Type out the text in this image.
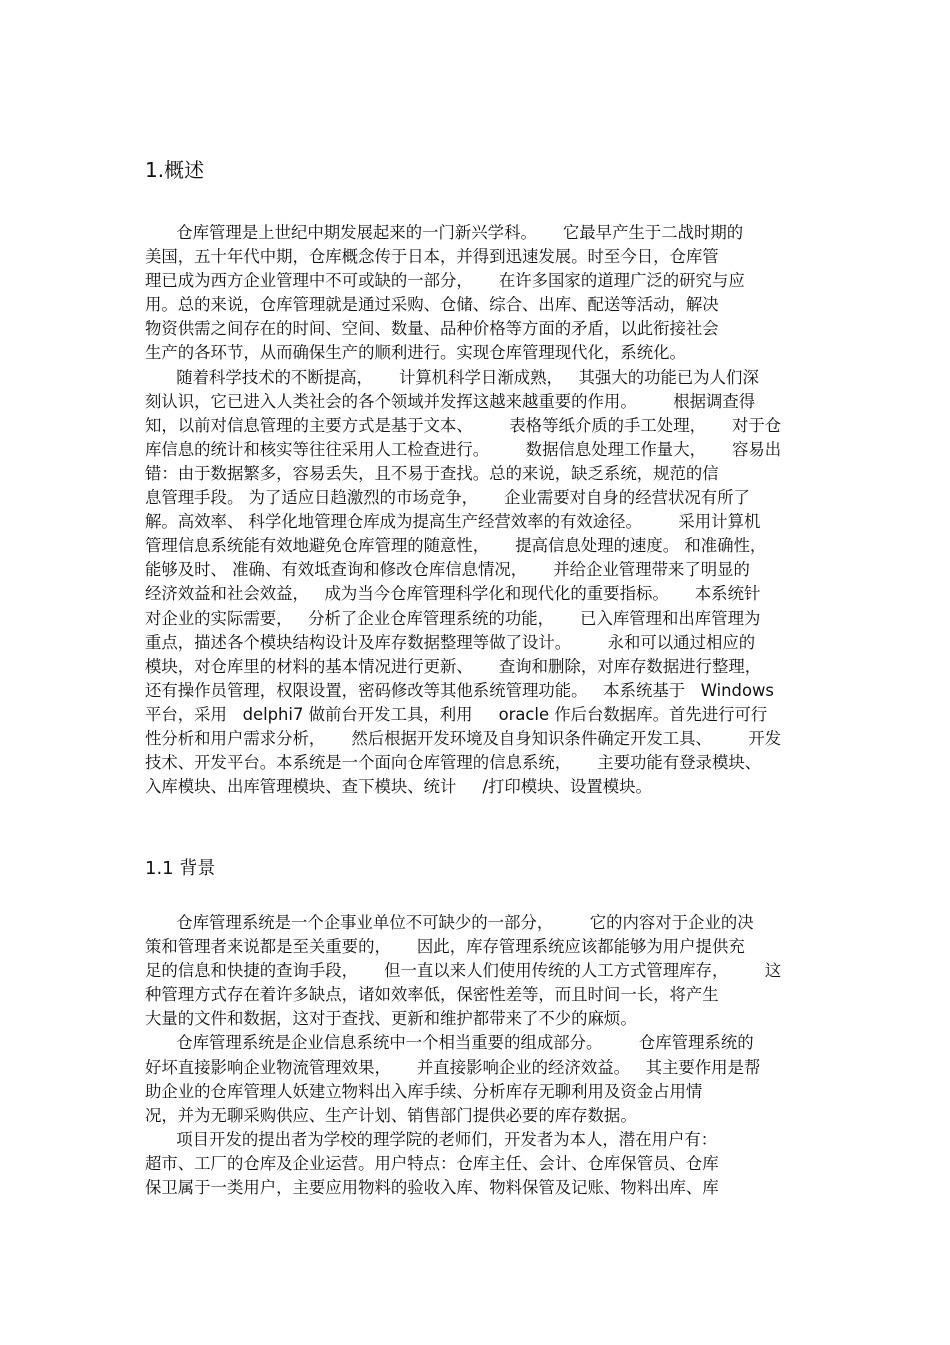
1.概述
仓库管理是上世纪中期发展起来的一门新兴学科。     它最早产生于二战时期的
美国，五十年代中期，仓库概念传于日本，并得到迅速发展。时至今日，仓库管
理已成为西方企业管理中不可或缺的一部分，     在许多国家的道理广泛的研究与应
用。总的来说，仓库管理就是通过采购、仓储、综合、出库、配送等活动，解决
物资供需之间存在的时间、空间、数量、品种价格等方面的矛盾，以此衔接社会
生产的各环节，从而确保生产的顺利进行。实现仓库管理现代化，系统化。
随着科学技术的不断提高，     计算机科学日渐成熟，   其强大的功能已为人们深
刻认识，它已进入人类社会的各个领域并发挥这越来越重要的作用。       根据调查得
知，以前对信息管理的主要方式是基于文本、       表格等纸介质的手工处理，     对于仓
库信息的统计和核实等往往采用人工检查进行。       数据信息处理工作量大，     容易出
错：由于数据繁多，容易丢失，且不易于查找。总的来说，缺乏系统，规范的信
息管理手段。 为了适应日趋激烈的市场竞争，     企业需要对自身的经营状况有所了
解。高效率、 科学化地管理仓库成为提高生产经营效率的有效途径。       采用计算机
管理信息系统能有效地避免仓库管理的随意性，     提高信息处理的速度。 和准确性，
能够及时、 准确、有效坻查询和修改仓库信息情况，     并给企业管理带来了明显的
经济效益和社会效益，   成为当今仓库管理科学化和现代化的重要指标。     本系统针
对企业的实际需要，   分析了企业仓库管理系统的功能，     已入库管理和出库管理为
重点，描述各个模块结构设计及库存数据整理等做了设计。       永和可以通过相应的
模块，对仓库里的材料的基本情况进行更新、     查询和删除，对库存数据进行整理，
还有操作员管理，权限设置，密码修改等其他系统管理功能。   本系统基于   Windows
平台，采用   delphi7 做前台开发工具，利用     oracle 作后台数据库。首先进行可行
性分析和用户需求分析，     然后根据开发环境及自身知识条件确定开发工具、       开发
技术、开发平台。本系统是一个面向仓库管理的信息系统，     主要功能有登录模块、
入库模块、出库管理模块、查下模块、统计     /打印模块、设置模块。
1.1 背景
仓库管理系统是一个企事业单位不可缺少的一部分，       它的内容对于企业的决
策和管理者来说都是至关重要的，     因此，库存管理系统应该都能够为用户提供充
足的信息和快捷的查询手段，     但一直以来人们使用传统的人工方式管理库存，       这
种管理方式存在着许多缺点，诸如效率低，保密性差等，而且时间一长，将产生
大量的文件和数据，这对于查找、更新和维护都带来了不少的麻烦。
仓库管理系统是企业信息系统中一个相当重要的组成部分。       仓库管理系统的
好坏直接影响企业物流管理效果，     并直接影响企业的经济效益。   其主要作用是帮
助企业的仓库管理人妖建立物料出入库手续、分析库存无聊利用及资金占用情
况，并为无聊采购供应、生产计划、销售部门提供必要的库存数据。
项目开发的提出者为学校的理学院的老师们，开发者为本人，潜在用户有：
超市、工厂的仓库及企业运营。用户特点：仓库主任、会计、仓库保管员、仓库
保卫属于一类用户，主要应用物料的验收入库、物料保管及记账、物料出库、库
